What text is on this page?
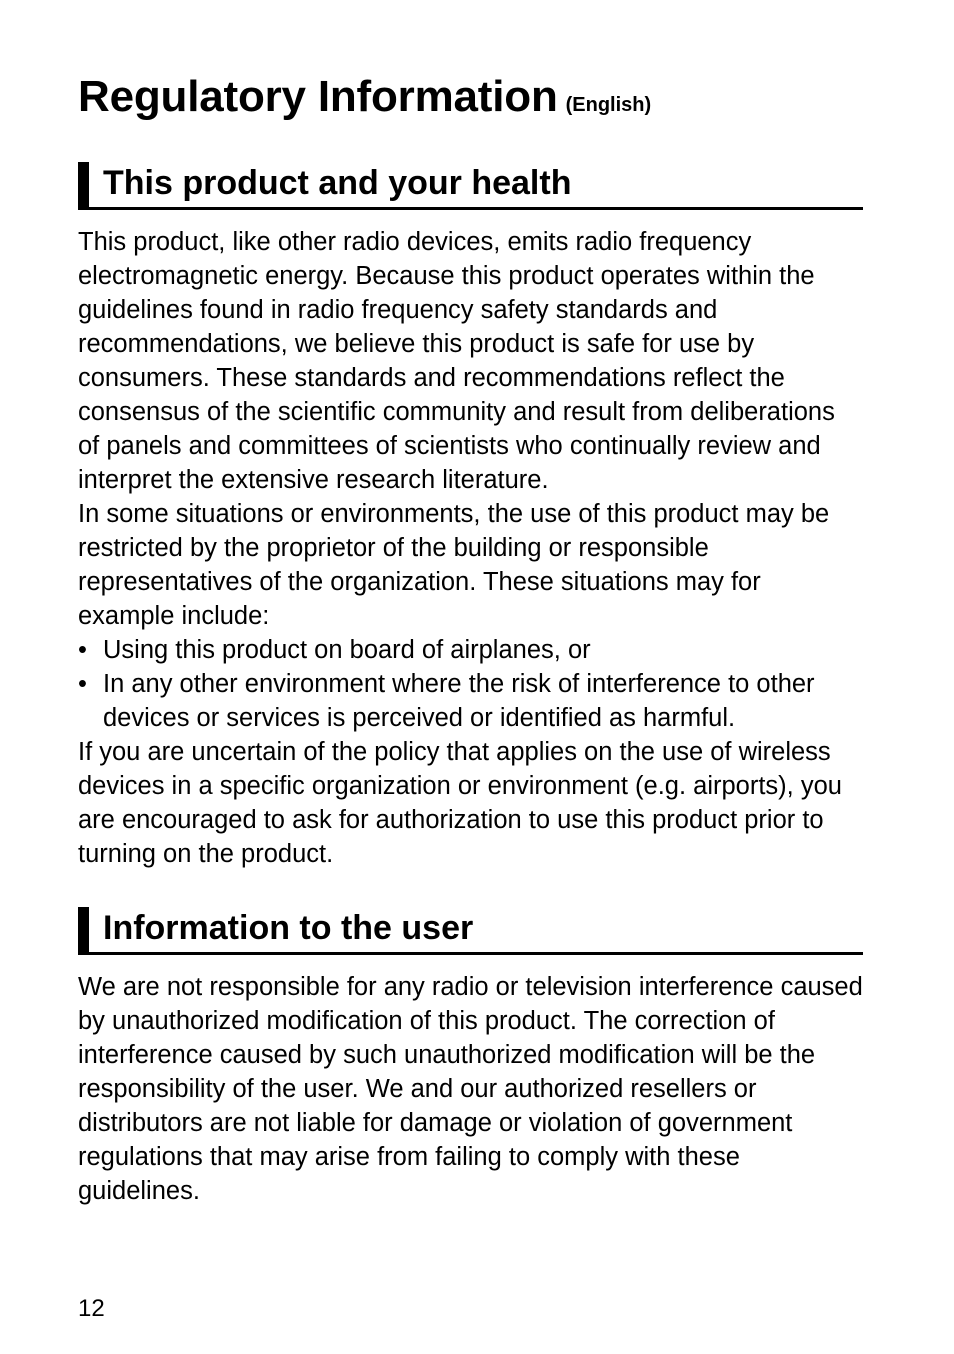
Regulatory Information (English)
This product and your health

This product, like other radio devices, emits radio frequency electromagnetic energy. Because this product operates within the guidelines found in radio frequency safety standards and recommendations, we believe this product is safe for use by consumers. These standards and recommendations reflect the consensus of the scientific community and result from deliberations of panels and committees of scientists who continually review and interpret the extensive research literature.

In some situations or environments, the use of this product may be restricted by the proprietor of the building or responsible representatives of the organization. These situations may for example include:

• Using this product on board of airplanes, or
• In any other environment where the risk of interference to other devices or services is perceived or identified as harmful.

If you are uncertain of the policy that applies on the use of wireless devices in a specific organization or environment (e.g. airports), you are encouraged to ask for authorization to use this product prior to turning on the product.

Information to the user

We are not responsible for any radio or television interference caused by unauthorized modification of this product. The correction of interference caused by such unauthorized modification will be the responsibility of the user. We and our authorized resellers or distributors are not liable for damage or violation of government regulations that may arise from failing to comply with these guidelines.

12
